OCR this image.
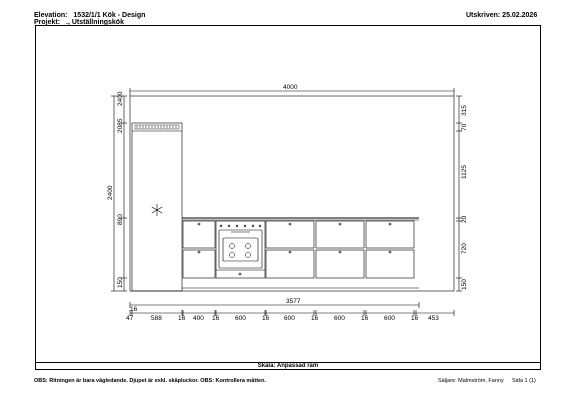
Elevation: 1532/1/1 Kök - Design
Projekt: ., Utställningskök
Utskriven: 25.02.2026
4000
3577
16
2400
2400
2085
890
150
315
70
1125
20
720
150
47	588 16 400 16 600 16 600 16 600 16 600 16 453
Skala: Anpassad ram
OBS: Ritningen är bara vägledande. Djupet är exkl. skåpluckor. OBS: Kontrollera måtten.	Säljare: Malmström, Fanny Sida 1 (1)
